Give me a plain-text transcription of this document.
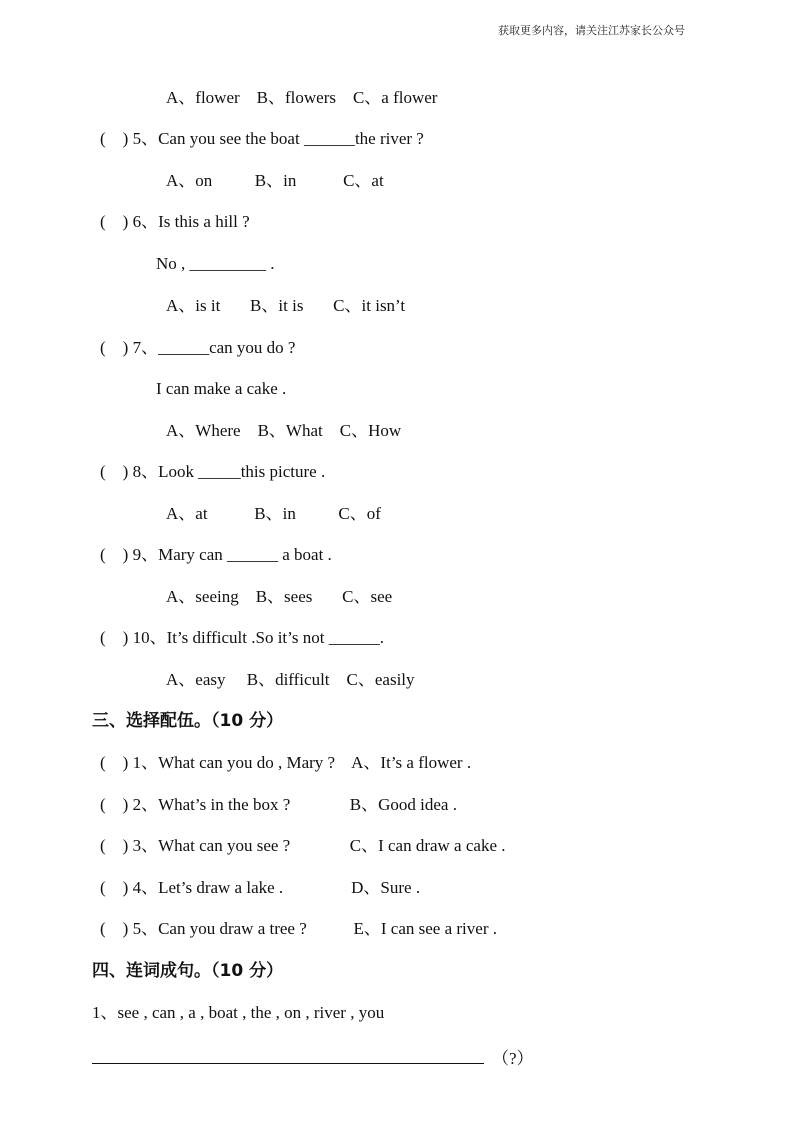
获取更多内容，请关注江苏家长公众号
A、flower    B、flowers    C、a flower
(    ) 5、Can you see the boat ______the river ?
A、on          B、in           C、at
(    ) 6、Is this a hill ?
No , _________ .
A、is it       B、it is       C、it isn’t
(    ) 7、______can you do ?
I can make a cake .
A、Where    B、What    C、How
(    ) 8、Look _____this picture .
A、at           B、in          C、of
(    ) 9、Mary can ______ a boat .
A、seeing    B、sees       C、see
(    ) 10、It’s difficult .So it’s not ______.
A、easy     B、difficult    C、easily
三、选择配伍。（10 分）
(    ) 1、What can you do , Mary ?    A、It’s a flower .
(    ) 2、What’s in the box ?              B、Good idea .
(    ) 3、What can you see ?              C、I can draw a cake .
(    ) 4、Let’s draw a lake .                D、Sure .
(    ) 5、Can you draw a tree ?           E、I can see a river .
四、连词成句。（10 分）
1、see , can , a , boat , the , on , river , you
（?）
